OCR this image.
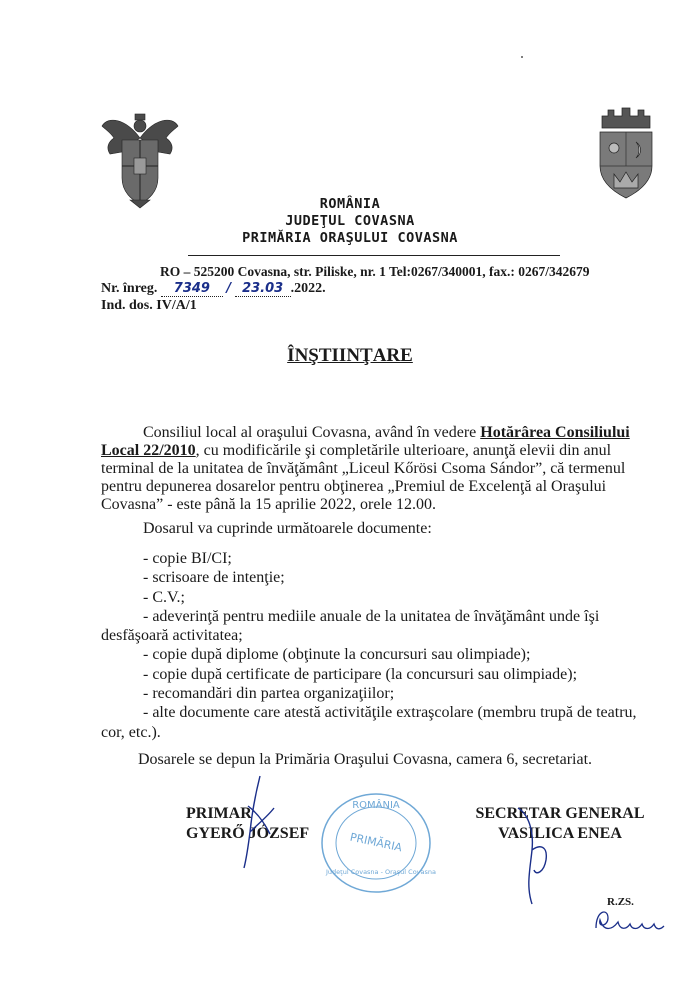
ROMÂNIA
JUDEŢUL COVASNA
PRIMĂRIA ORAŞULUI COVASNA
RO – 525200 Covasna, str. Piliske, nr. 1 Tel:0267/340001, fax.: 0267/342679
Nr. înreg. 7349 / 23.03 .2022.
Ind. dos. IV/A/1
ÎNŞTIINŢARE
Consiliul local al oraşului Covasna, având în vedere Hotărârea Consiliului
Local 22/2010, cu modificările şi completările ulterioare, anunţă elevii din anul
terminal de la unitatea de învăţământ „Liceul Kőrösi Csoma Sándor”, că termenul
pentru depunerea dosarelor pentru obţinerea „Premiul de Excelenţă al Oraşului
Covasna” - este până la 15 aprilie 2022, orele 12.00.
Dosarul va cuprinde următoarele documente:
- copie BI/CI;
- scrisoare de intenţie;
- C.V.;
- adeverinţă pentru mediile anuale de la unitatea de învăţământ unde îşi
desfăşoară activitatea;
- copie după diplome (obţinute la concursuri sau olimpiade);
- copie după certificate de participare (la concursuri sau olimpiade);
- recomandări din partea organizaţiilor;
- alte documente care atestă activităţile extraşcolare (membru trupă de teatru,
cor, etc.).
Dosarele se depun la Primăria Oraşului Covasna, camera 6, secretariat.
PRIMAR
GYERŐ JÓZSEF
ROMÂNIA
PRIMĂRIA
Judeţul Covasna - Oraşul Covasna
SECRETAR GENERAL
VASILICA ENEA
R.ZS.
